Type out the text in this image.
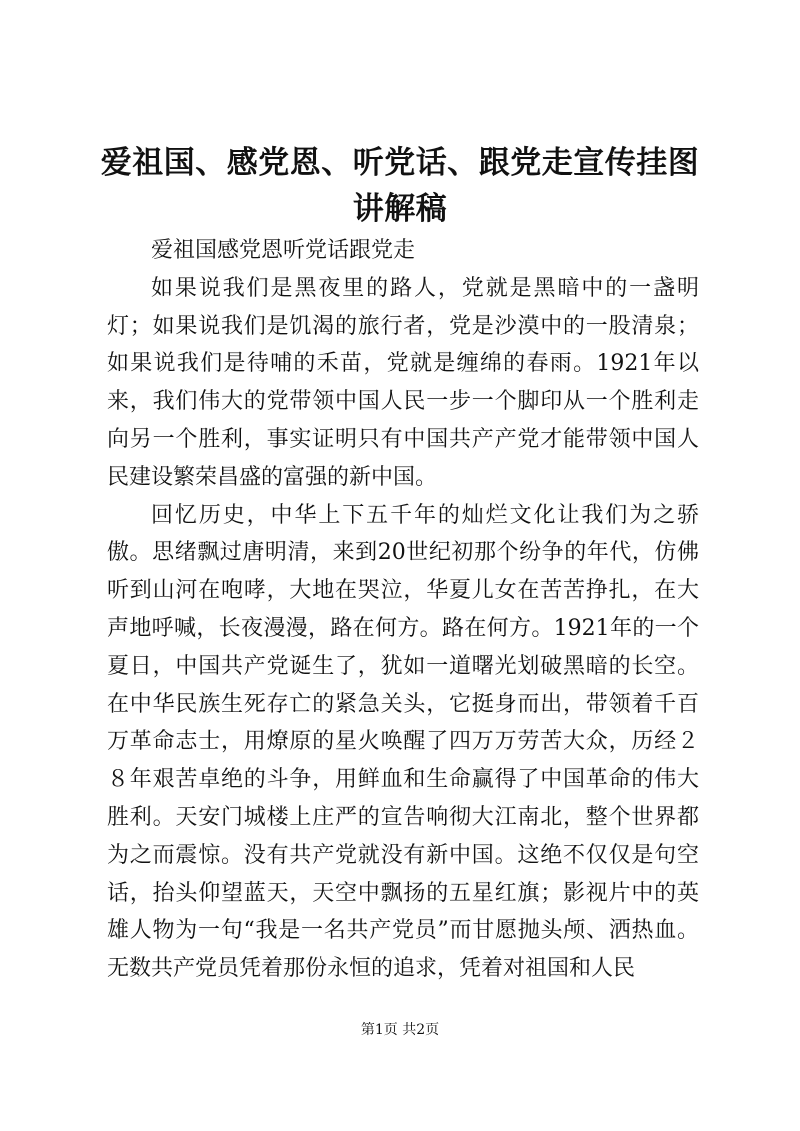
爱祖国、感党恩、听党话、跟党走宣传挂图讲解稿

爱祖国感党恩听党话跟党走

如果说我们是黑夜里的路人，党就是黑暗中的一盏明灯；如果说我们是饥渴的旅行者，党是沙漠中的一股清泉；如果说我们是待哺的禾苗，党就是缠绵的春雨。1921年以来，我们伟大的党带领中国人民一步一个脚印从一个胜利走向另一个胜利，事实证明只有中国共产产党才能带领中国人民建设繁荣昌盛的富强的新中国。

回忆历史，中华上下五千年的灿烂文化让我们为之骄傲。思绪飘过唐明清，来到20世纪初那个纷争的年代，仿佛听到山河在咆哮，大地在哭泣，华夏儿女在苦苦挣扎，在大声地呼喊，长夜漫漫，路在何方。路在何方。1921年的一个夏日，中国共产党诞生了，犹如一道曙光划破黑暗的长空。在中华民族生死存亡的紧急关头，它挺身而出，带领着千百万革命志士，用燎原的星火唤醒了四万万劳苦大众，历经２８年艰苦卓绝的斗争，用鲜血和生命赢得了中国革命的伟大胜利。天安门城楼上庄严的宣告响彻大江南北，整个世界都为之而震惊。没有共产党就没有新中国。这绝不仅仅是句空话，抬头仰望蓝天，天空中飘扬的五星红旗；影视片中的英雄人物为一句“我是一名共产党员”而甘愿抛头颅、洒热血。无数共产党员凭着那份永恒的追求，凭着对祖国和人民

第1页 共2页
